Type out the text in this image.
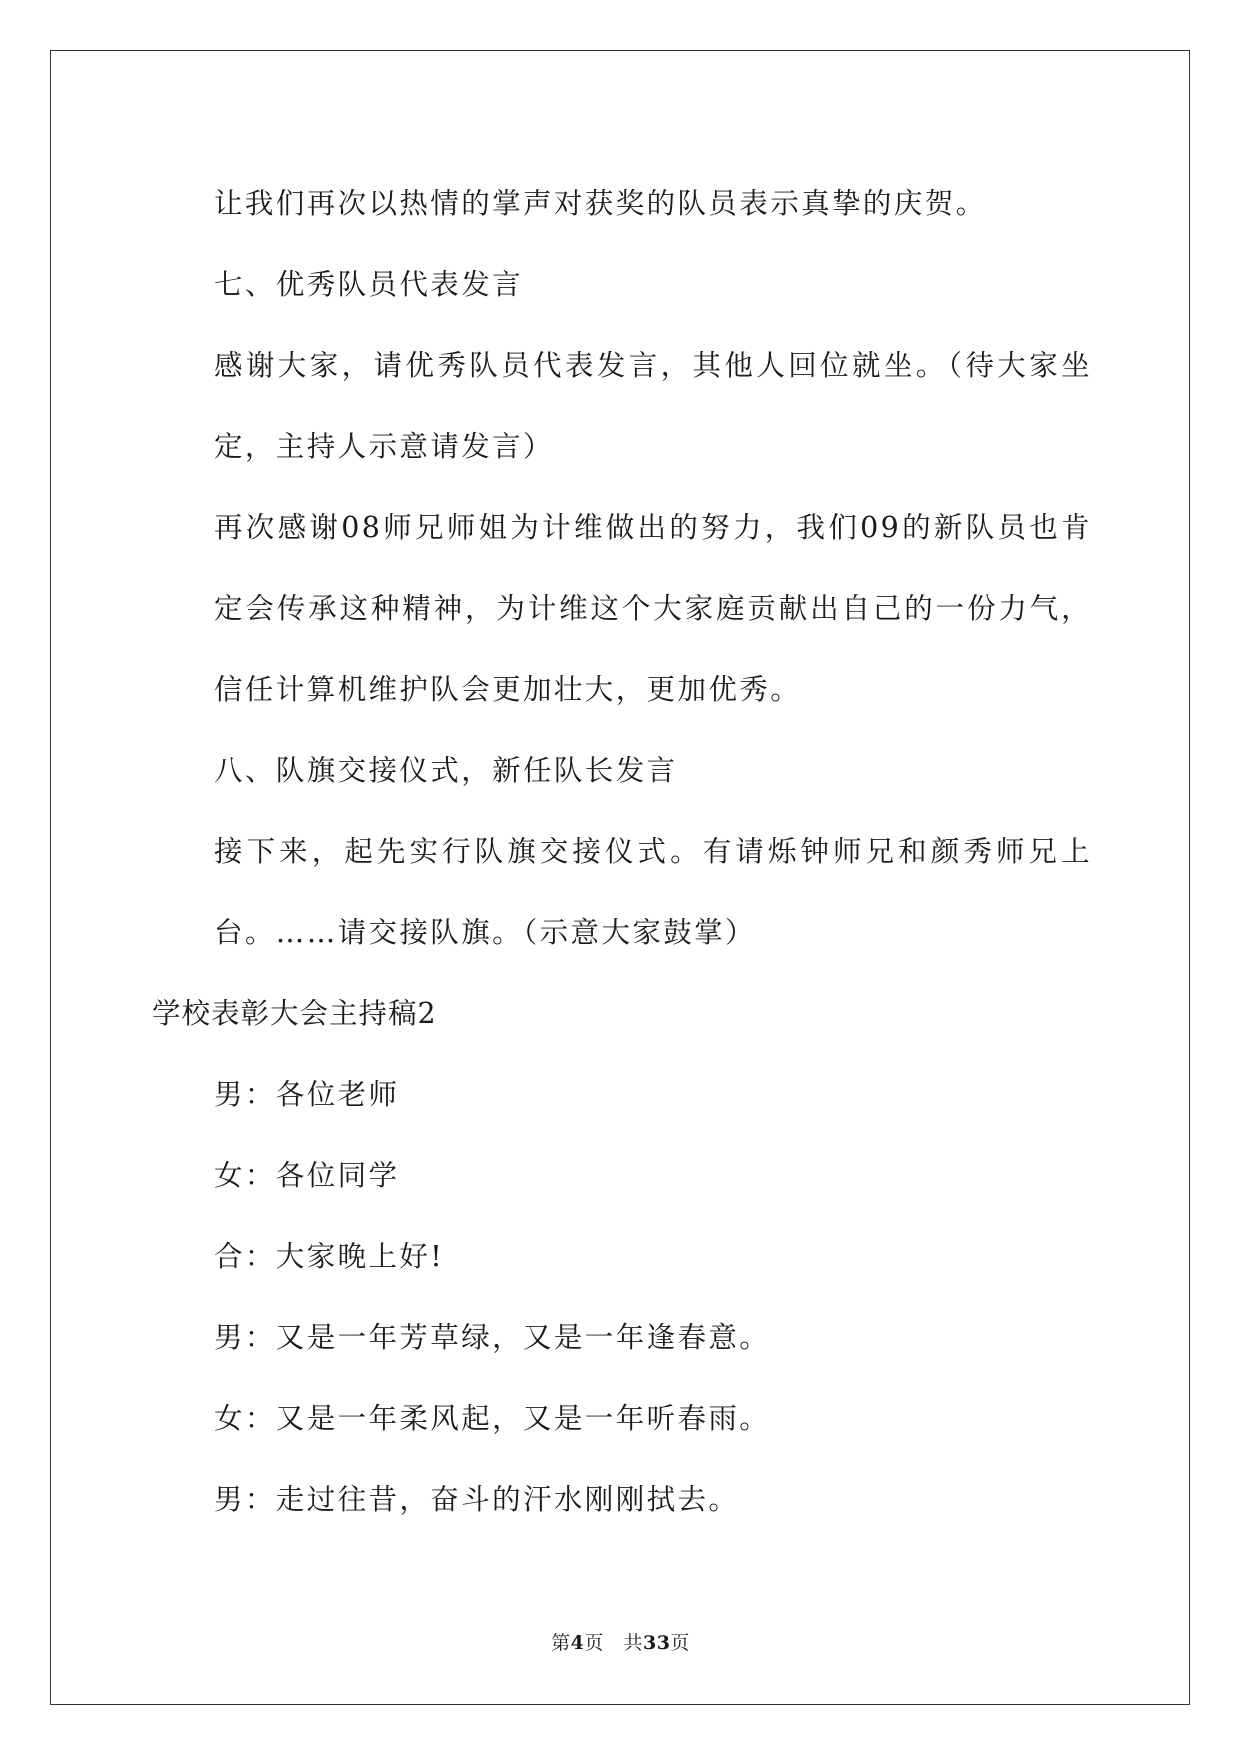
让我们再次以热情的掌声对获奖的队员表示真挚的庆贺。

七、优秀队员代表发言

感谢大家，请优秀队员代表发言，其他人回位就坐。（待大家坐定，主持人示意请发言）

再次感谢08师兄师姐为计维做出的努力，我们09的新队员也肯定会传承这种精神，为计维这个大家庭贡献出自己的一份力气，信任计算机维护队会更加壮大，更加优秀。

八、队旗交接仪式，新任队长发言

接下来，起先实行队旗交接仪式。有请烁钟师兄和颜秀师兄上台。……请交接队旗。（示意大家鼓掌）

学校表彰大会主持稿2

男：各位老师

女：各位同学

合：大家晚上好!

男：又是一年芳草绿，又是一年逢春意。

女：又是一年柔风起，又是一年听春雨。

男：走过往昔，奋斗的汗水刚刚拭去。

第4页 共33页
